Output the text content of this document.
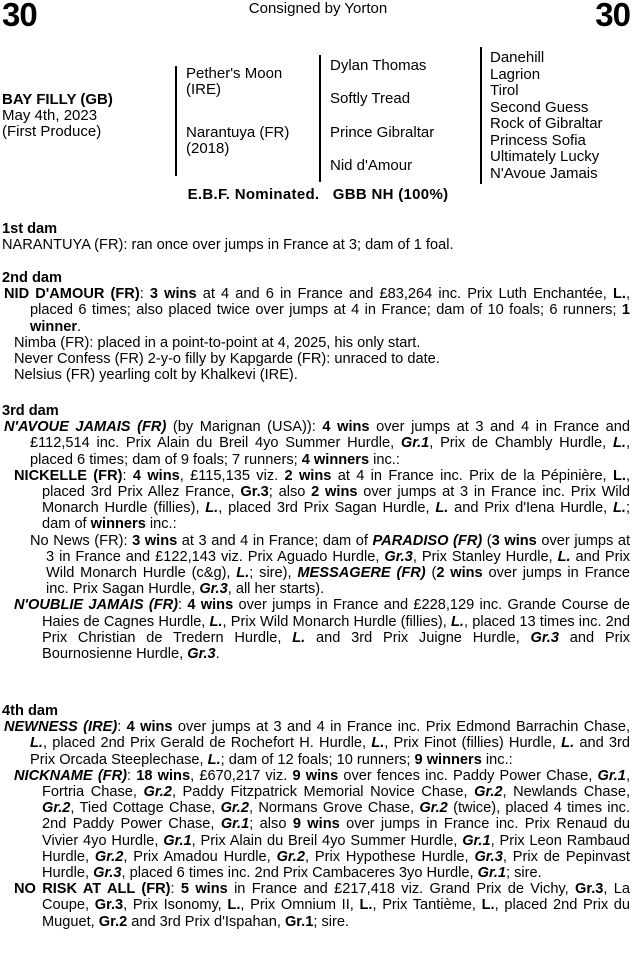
30	Consigned by Yorton	30
BAY FILLY (GB)
May 4th, 2023
(First Produce)
Pether's Moon
(IRE)
Narantuya (FR)
(2018)
Dylan Thomas
Softly Tread
Prince Gibraltar
Nid d'Amour
Danehill
Lagrion
Tirol
Second Guess
Rock of Gibraltar
Princess Sofia
Ultimately Lucky
N'Avoue Jamais
E.B.F. Nominated.   GBB NH (100%)
1st dam

NARANTUYA (FR): ran once over jumps in France at 3; dam of 1 foal.

2nd dam

NID D'AMOUR (FR): 3 wins at 4 and 6 in France and £83,264 inc. Prix Luth Enchantée, L., placed 6 times; also placed twice over jumps at 4 in France; dam of 10 foals; 6 runners; 1 winner.

Nimba (FR): placed in a point-to-point at 4, 2025, his only start.

Never Confess (FR) 2-y-o filly by Kapgarde (FR): unraced to date.

Nelsius (FR) yearling colt by Khalkevi (IRE).

3rd dam

N'AVOUE JAMAIS (FR) (by Marignan (USA)): 4 wins over jumps at 3 and 4 in France and £112,514 inc. Prix Alain du Breil 4yo Summer Hurdle, Gr.1, Prix de Chambly Hurdle, L., placed 6 times; dam of 9 foals; 7 runners; 4 winners inc.:

NICKELLE (FR): 4 wins, £115,135 viz. 2 wins at 4 in France inc. Prix de la Pépinière, L., placed 3rd Prix Allez France, Gr.3; also 2 wins over jumps at 3 in France inc. Prix Wild Monarch Hurdle (fillies), L., placed 3rd Prix Sagan Hurdle, L. and Prix d'Iena Hurdle, L.; dam of winners inc.:

No News (FR): 3 wins at 3 and 4 in France; dam of PARADISO (FR) (3 wins over jumps at 3 in France and £122,143 viz. Prix Aguado Hurdle, Gr.3, Prix Stanley Hurdle, L. and Prix Wild Monarch Hurdle (c&g), L.; sire), MESSAGERE (FR) (2 wins over jumps in France inc. Prix Sagan Hurdle, Gr.3, all her starts).

N'OUBLIE JAMAIS (FR): 4 wins over jumps in France and £228,129 inc. Grande Course de Haies de Cagnes Hurdle, L., Prix Wild Monarch Hurdle (fillies), L., placed 13 times inc. 2nd Prix Christian de Tredern Hurdle, L. and 3rd Prix Juigne Hurdle, Gr.3 and Prix Bournosienne Hurdle, Gr.3.

4th dam

NEWNESS (IRE): 4 wins over jumps at 3 and 4 in France inc. Prix Edmond Barrachin Chase, L., placed 2nd Prix Gerald de Rochefort H. Hurdle, L., Prix Finot (fillies) Hurdle, L. and 3rd Prix Orcada Steeplechase, L.; dam of 12 foals; 10 runners; 9 winners inc.:

NICKNAME (FR): 18 wins, £670,217 viz. 9 wins over fences inc. Paddy Power Chase, Gr.1, Fortria Chase, Gr.2, Paddy Fitzpatrick Memorial Novice Chase, Gr.2, Newlands Chase, Gr.2, Tied Cottage Chase, Gr.2, Normans Grove Chase, Gr.2 (twice), placed 4 times inc. 2nd Paddy Power Chase, Gr.1; also 9 wins over jumps in France inc. Prix Renaud du Vivier 4yo Hurdle, Gr.1, Prix Alain du Breil 4yo Summer Hurdle, Gr.1, Prix Leon Rambaud Hurdle, Gr.2, Prix Amadou Hurdle, Gr.2, Prix Hypothese Hurdle, Gr.3, Prix de Pepinvast Hurdle, Gr.3, placed 6 times inc. 2nd Prix Cambaceres 3yo Hurdle, Gr.1; sire.

NO RISK AT ALL (FR): 5 wins in France and £217,418 viz. Grand Prix de Vichy, Gr.3, La Coupe, Gr.3, Prix Isonomy, L., Prix Omnium II, L., Prix Tantième, L., placed 2nd Prix du Muguet, Gr.2 and 3rd Prix d'Ispahan, Gr.1; sire.
